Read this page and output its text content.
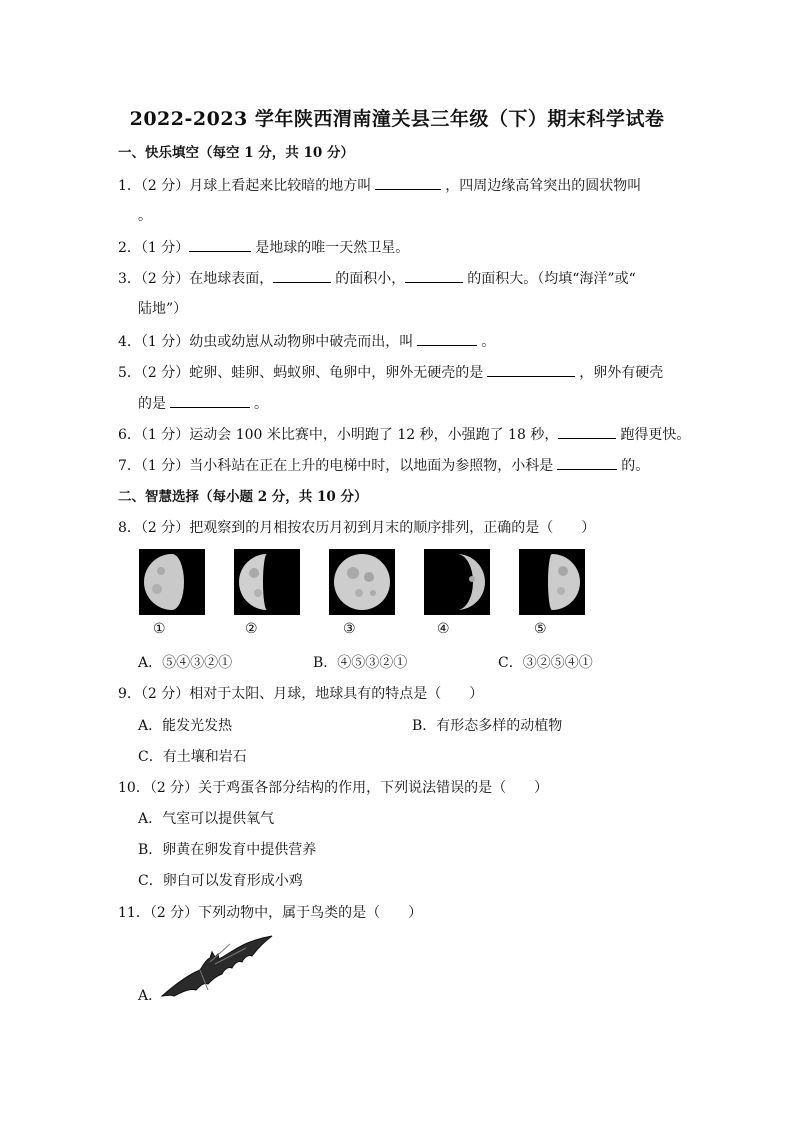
2022-2023 学年陕西渭南潼关县三年级（下）期末科学试卷
一、快乐填空（每空 1 分，共 10 分）
1．（2 分）月球上看起来比较暗的地方叫	，四周边缘高耸突出的圆状物叫
。
2．（1 分）	是地球的唯一天然卫星。
3．（2 分）在地球表面，	的面积小，	的面积大。（均填“海洋”或“
陆地”）
4．（1 分）幼虫或幼崽从动物卵中破壳而出，叫	。
5．（2 分）蛇卵、蛙卵、蚂蚁卵、龟卵中，卵外无硬壳的是	，卵外有硬壳
的是	。
6．（1 分）运动会 100 米比赛中，小明跑了 12 秒，小强跑了 18 秒，	跑得更快。
7．（1 分）当小科站在正在上升的电梯中时，以地面为参照物，小科是	的。
二、智慧选择（每小题 2 分，共 10 分）
8．（2 分）把观察到的月相按农历月初到月末的顺序排列，正确的是（　　）
①	②	③	④	⑤
A．⑤④③②①	B．④⑤③②①	C．③②⑤④①
9．（2 分）相对于太阳、月球，地球具有的特点是（　　）
A．能发光发热	B．有形态多样的动植物
C．有土壤和岩石
10．（2 分）关于鸡蛋各部分结构的作用，下列说法错误的是（　　）
A．气室可以提供氧气
B．卵黄在卵发育中提供营养
C．卵白可以发育形成小鸡
11．（2 分）下列动物中，属于鸟类的是（　　）
A．
